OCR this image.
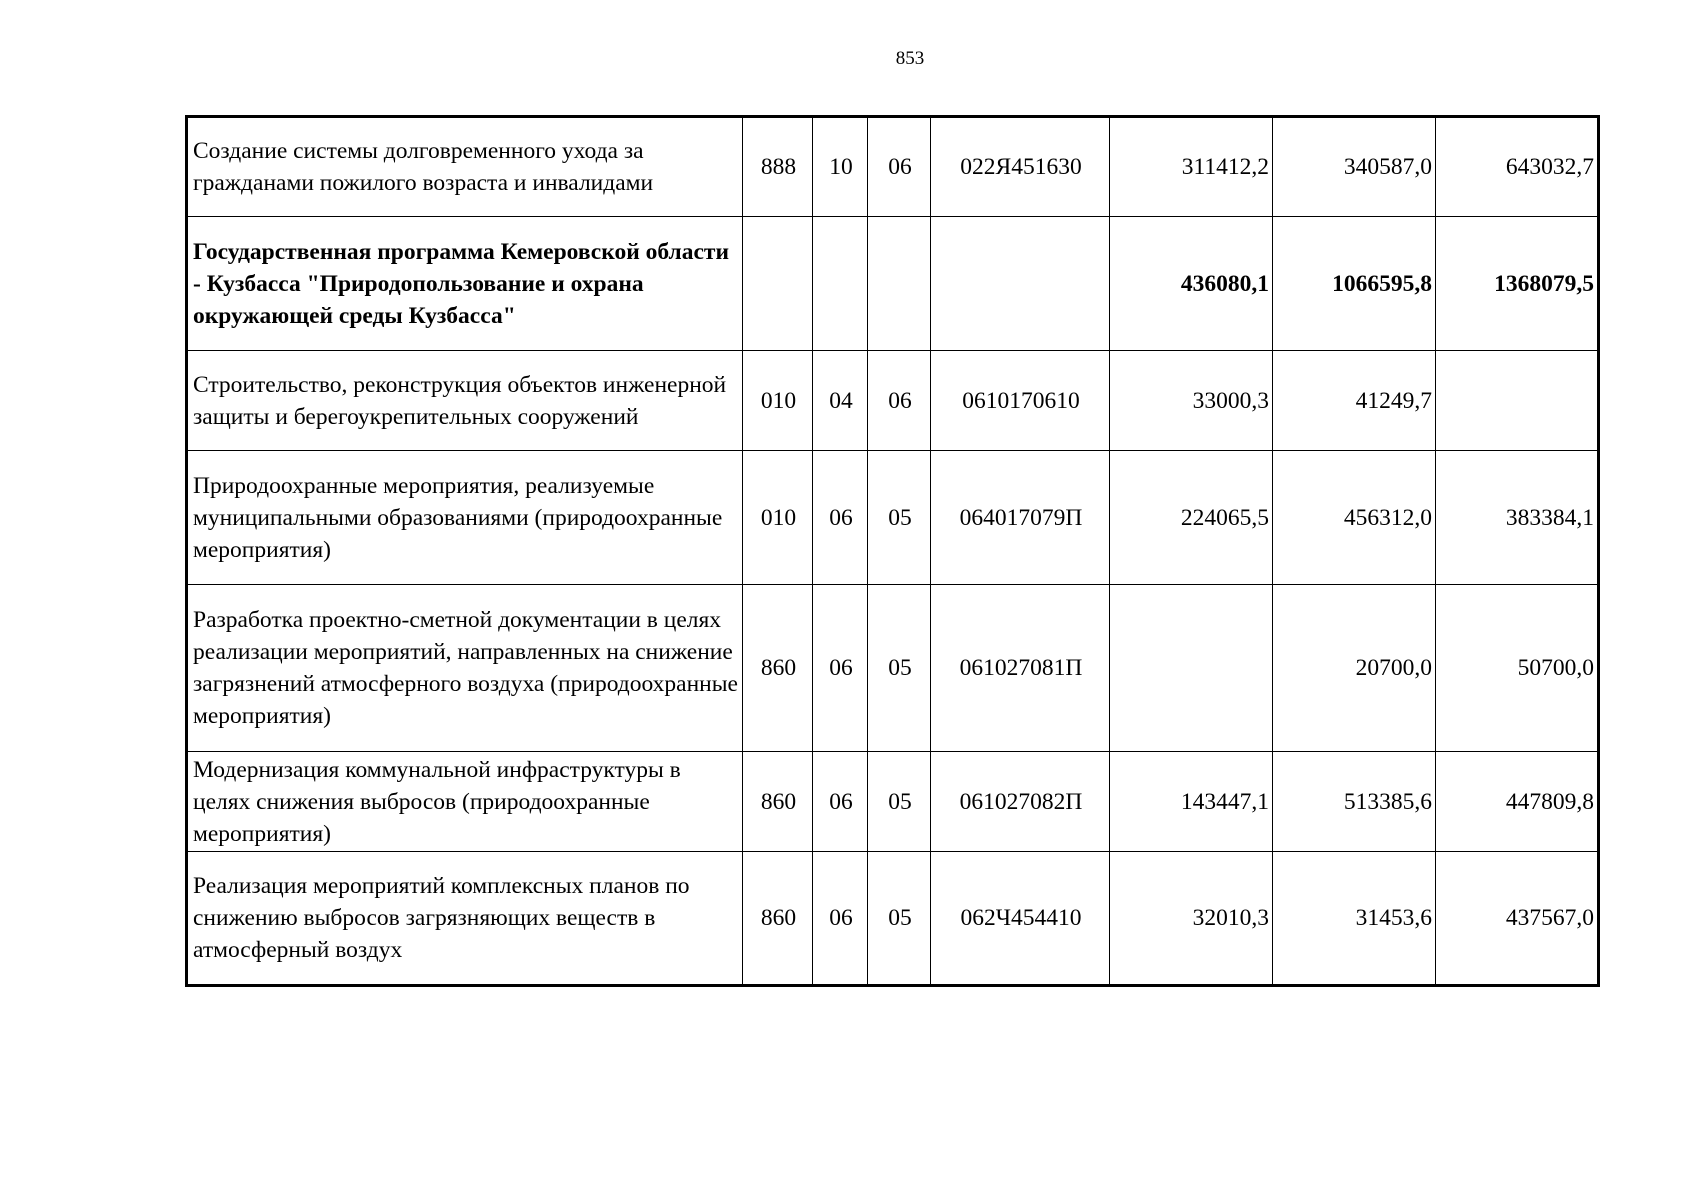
853
Создание системы долговременного ухода за гражданами пожилого возраста и инвалидами	888	10	06	022Я451630	311412,2	340587,0	643032,7
Государственная программа Кемеровской области - Кузбасса "Природопользование и охрана окружающей среды Кузбасса"					436080,1	1066595,8	1368079,5
Строительство, реконструкция объектов инженерной защиты и берегоукрепительных сооружений	010	04	06	0610170610	33000,3	41249,7	
Природоохранные мероприятия, реализуемые муниципальными образованиями (природоохранные мероприятия)	010	06	05	064017079П	224065,5	456312,0	383384,1
Разработка проектно-сметной документации в целях реализации мероприятий, направленных на снижение загрязнений атмосферного воздуха (природоохранные мероприятия)	860	06	05	061027081П		20700,0	50700,0
Модернизация коммунальной инфраструктуры в целях снижения выбросов (природоохранные мероприятия)	860	06	05	061027082П	143447,1	513385,6	447809,8
Реализация мероприятий комплексных планов по снижению выбросов загрязняющих веществ в атмосферный воздух	860	06	05	062Ч454410	32010,3	31453,6	437567,0
